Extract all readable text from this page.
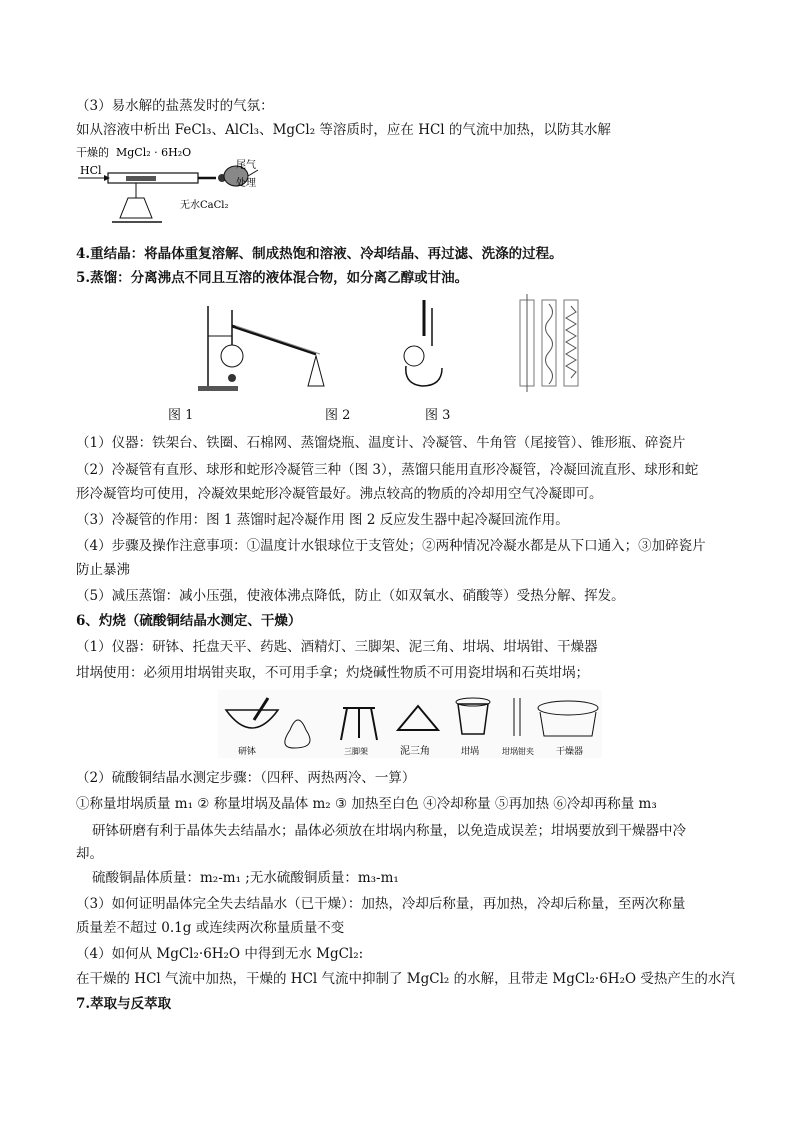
（3）易水解的盐蒸发时的气氛：
如从溶液中析出 FeCl₃、AlCl₃、MgCl₂ 等溶质时，应在 HCl 的气流中加热，以防其水解
干燥的 MgCl₂ · 6H₂O
HCl	尾气
处理
无水CaCl₂
4.重结晶：将晶体重复溶解、制成热饱和溶液、冷却结晶、再过滤、洗涤的过程。
5.蒸馏：分离沸点不同且互溶的液体混合物，如分离乙醇或甘油。
图 1	图 2	图 3
（1）仪器：铁架台、铁圈、石棉网、蒸馏烧瓶、温度计、冷凝管、牛角管（尾接管）、锥形瓶、碎瓷片
（2）冷凝管有直形、球形和蛇形冷凝管三种（图 3），蒸馏只能用直形冷凝管，冷凝回流直形、球形和蛇
形冷凝管均可使用，冷凝效果蛇形冷凝管最好。沸点较高的物质的冷却用空气冷凝即可。
（3）冷凝管的作用：图 1 蒸馏时起冷凝作用 图 2 反应发生器中起冷凝回流作用。
（4）步骤及操作注意事项：①温度计水银球位于支管处；②两种情况冷凝水都是从下口通入；③加碎瓷片
防止暴沸
（5）减压蒸馏：减小压强，使液体沸点降低，防止（如双氧水、硝酸等）受热分解、挥发。
6、灼烧（硫酸铜结晶水测定、干燥）
（1）仪器：研钵、托盘天平、药匙、酒精灯、三脚架、泥三角、坩埚、坩埚钳、干燥器
坩埚使用：必须用坩埚钳夹取，不可用手拿；灼烧碱性物质不可用瓷坩埚和石英坩埚；
研钵	三脚架	泥三角	坩埚	坩埚钳夹 干燥器
（2）硫酸铜结晶水测定步骤：（四秤、两热两冷、一算）
①称量坩埚质量 m₁ ② 称量坩埚及晶体 m₂ ③ 加热至白色 ④冷却称量 ⑤再加热 ⑥冷却再称量 m₃
研钵研磨有利于晶体失去结晶水；晶体必须放在坩埚内称量，以免造成误差；坩埚要放到干燥器中冷
却。
硫酸铜晶体质量：m₂-m₁ ;无水硫酸铜质量：m₃-m₁
（3）如何证明晶体完全失去结晶水（已干燥）：加热，冷却后称量，再加热，冷却后称量，至两次称量
质量差不超过 0.1g 或连续两次称量质量不变
（4）如何从 MgCl₂·6H₂O 中得到无水 MgCl₂:
在干燥的 HCl 气流中加热，干燥的 HCl 气流中抑制了 MgCl₂ 的水解，且带走 MgCl₂·6H₂O 受热产生的水汽
7.萃取与反萃取
